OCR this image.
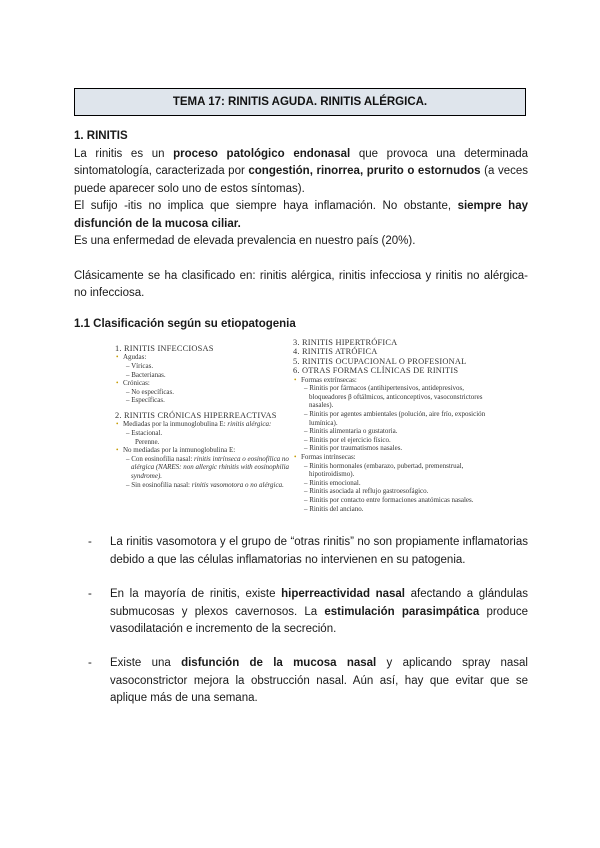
TEMA 17: RINITIS AGUDA. RINITIS ALÉRGICA.
1. RINITIS
La rinitis es un proceso patológico endonasal que provoca una determinada sintomatología, caracterizada por congestión, rinorrea, prurito o estornudos (a veces puede aparecer solo uno de estos síntomas).
El sufijo -itis no implica que siempre haya inflamación. No obstante, siempre hay disfunción de la mucosa ciliar.
Es una enfermedad de elevada prevalencia en nuestro país (20%).
Clásicamente se ha clasificado en: rinitis alérgica, rinitis infecciosa y rinitis no alérgica- no infecciosa.
1.1 Clasificación según su etiopatogenia
1. RINITIS INFECCIOSAS
• Agudas:
– Víricas.
– Bacterianas.
• Crónicas:
– No específicas.
– Específicas.
2. RINITIS CRÓNICAS HIPERREACTIVAS
• Mediadas por la inmunoglobulina E: rinitis alérgica:
– Estacional.
Perenne.
• No mediadas por la inmunoglobulina E:
– Con eosinofilia nasal: rinitis intrínseca o eosinofílica no alérgica (NARES: non allergic rhinitis with eosinophilia syndrome).
– Sin eosinofilia nasal: rinitis vasomotora o no alérgica.
3. RINITIS HIPERTRÓFICA
4. RINITIS ATRÓFICA
5. RINITIS OCUPACIONAL O PROFESIONAL
6. OTRAS FORMAS CLÍNICAS DE RINITIS
• Formas extrínsecas:
– Rinitis por fármacos (antihipertensivos, antidepresivos, bloqueadores β oftálmicos, anticonceptivos, vasoconstrictores nasales).
– Rinitis por agentes ambientales (polución, aire frío, exposición lumínica).
– Rinitis alimentaria o gustatoria.
– Rinitis por el ejercicio físico.
– Rinitis por traumatismos nasales.
• Formas intrínsecas:
– Rinitis hormonales (embarazo, pubertad, premenstrual, hipotiroidismo).
– Rinitis emocional.
– Rinitis asociada al reflujo gastroesofágico.
– Rinitis por contacto entre formaciones anatómicas nasales.
– Rinitis del anciano.
- La rinitis vasomotora y el grupo de “otras rinitis” no son propiamente inflamatorias debido a que las células inflamatorias no intervienen en su patogenia.
- En la mayoría de rinitis, existe hiperreactividad nasal afectando a glándulas submucosas y plexos cavernosos. La estimulación parasimpática produce vasodilatación e incremento de la secreción.
- Existe una disfunción de la mucosa nasal y aplicando spray nasal vasoconstrictor mejora la obstrucción nasal. Aún así, hay que evitar que se aplique más de una semana.
